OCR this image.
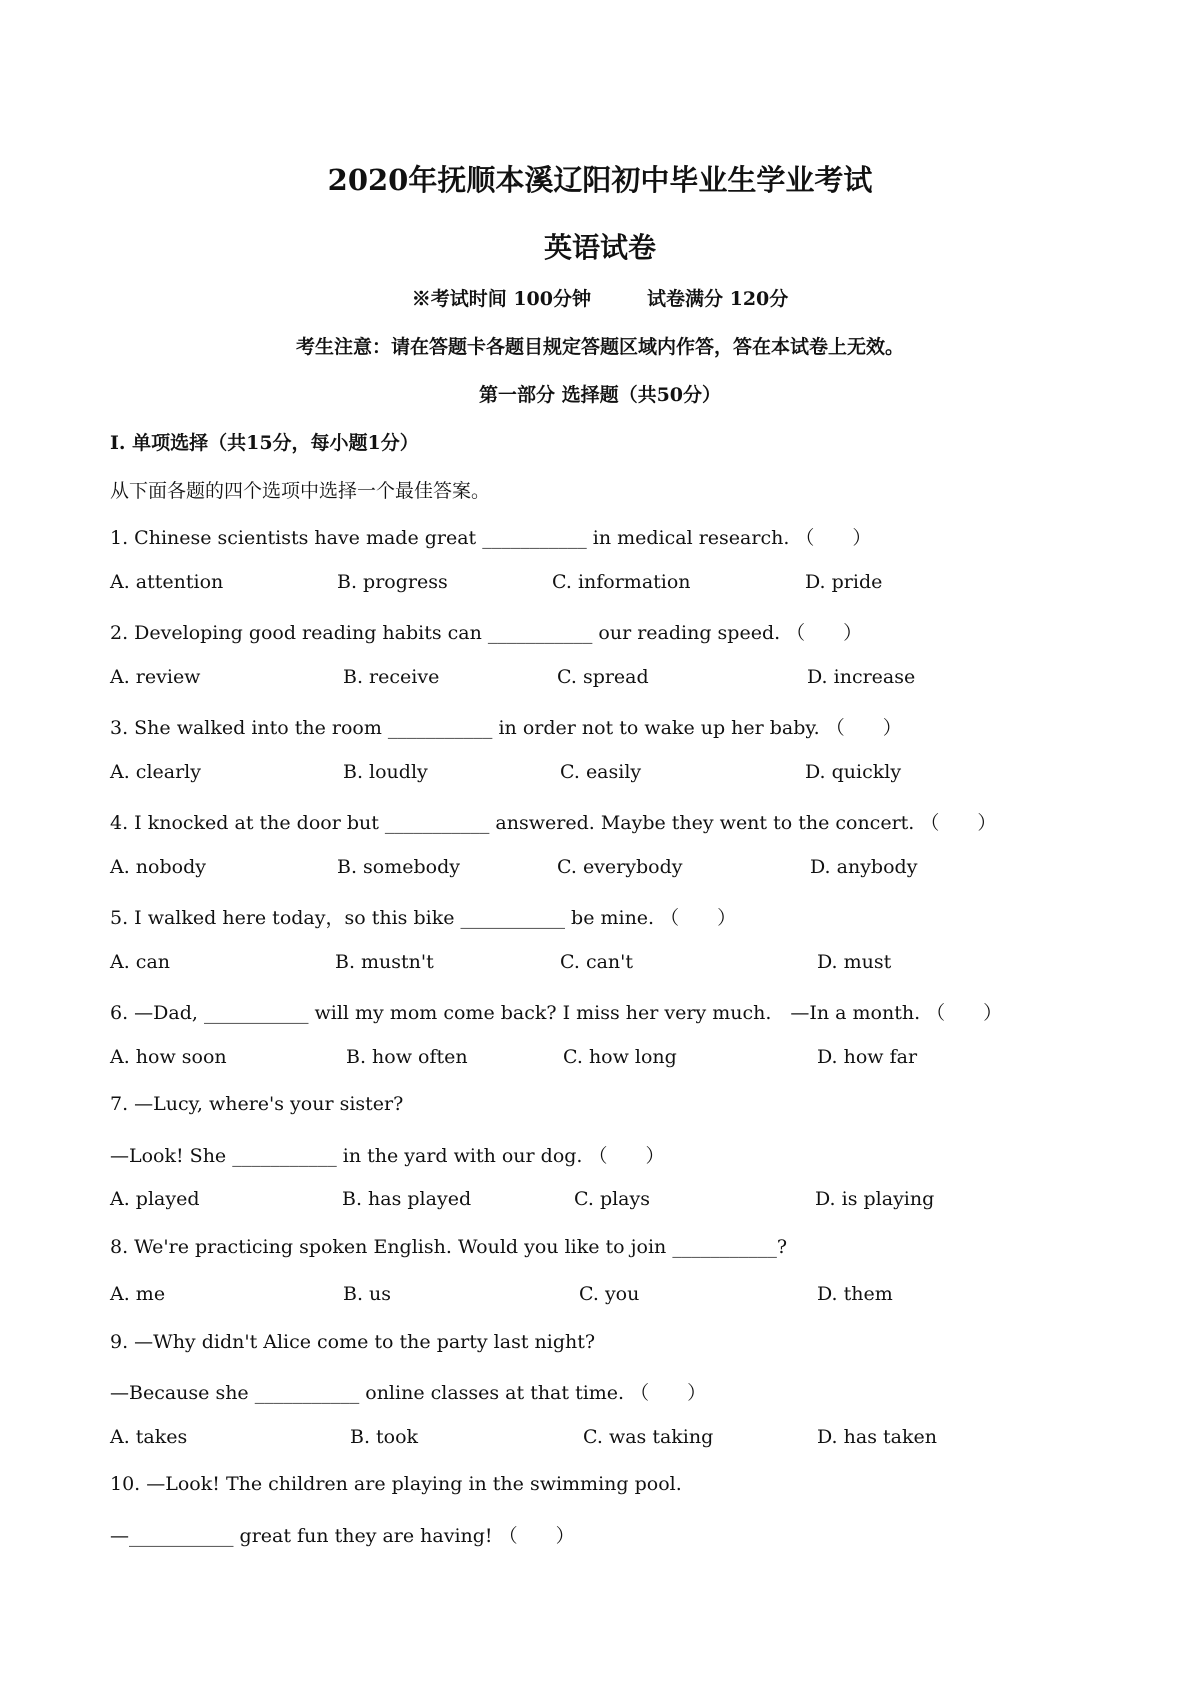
2020年抚顺本溪辽阳初中毕业生学业考试
英语试卷
※考试时间 100分钟	试卷满分 120分
考生注意：请在答题卡各题目规定答题区域内作答，答在本试卷上无效。
第一部分 选择题（共50分）
I. 单项选择（共15分，每小题1分）
从下面各题的四个选项中选择一个最佳答案。
1. Chinese scientists have made great ___________ in medical research. （　　）
A. attention	B. progress	C. information	D. pride
2. Developing good reading habits can ___________ our reading speed. （　　）
A. review	B. receive	C. spread	D. increase
3. She walked into the room ___________ in order not to wake up her baby. （　　）
A. clearly	B. loudly	C. easily	D. quickly
4. I knocked at the door but ___________ answered. Maybe they went to the concert. （　　）
A. nobody	B. somebody	C. everybody	D. anybody
5. I walked here today，so this bike ___________ be mine. （　　）
A. can	B. mustn't	C. can't	D. must
6. —Dad, ___________ will my mom come back? I miss her very much.　—In a month. （　　）
A. how soon	B. how often	C. how long	D. how far
7. —Lucy, where's your sister?
—Look! She ___________ in the yard with our dog. （　　）
A. played	B. has played	C. plays	D. is playing
8. We're practicing spoken English. Would you like to join ___________?
A. me	B. us	C. you	D. them
9. —Why didn't Alice come to the party last night?
—Because she ___________ online classes at that time. （　　）
A. takes	B. took	C. was taking	D. has taken
10. —Look! The children are playing in the swimming pool.
—___________ great fun they are having! （　　）
